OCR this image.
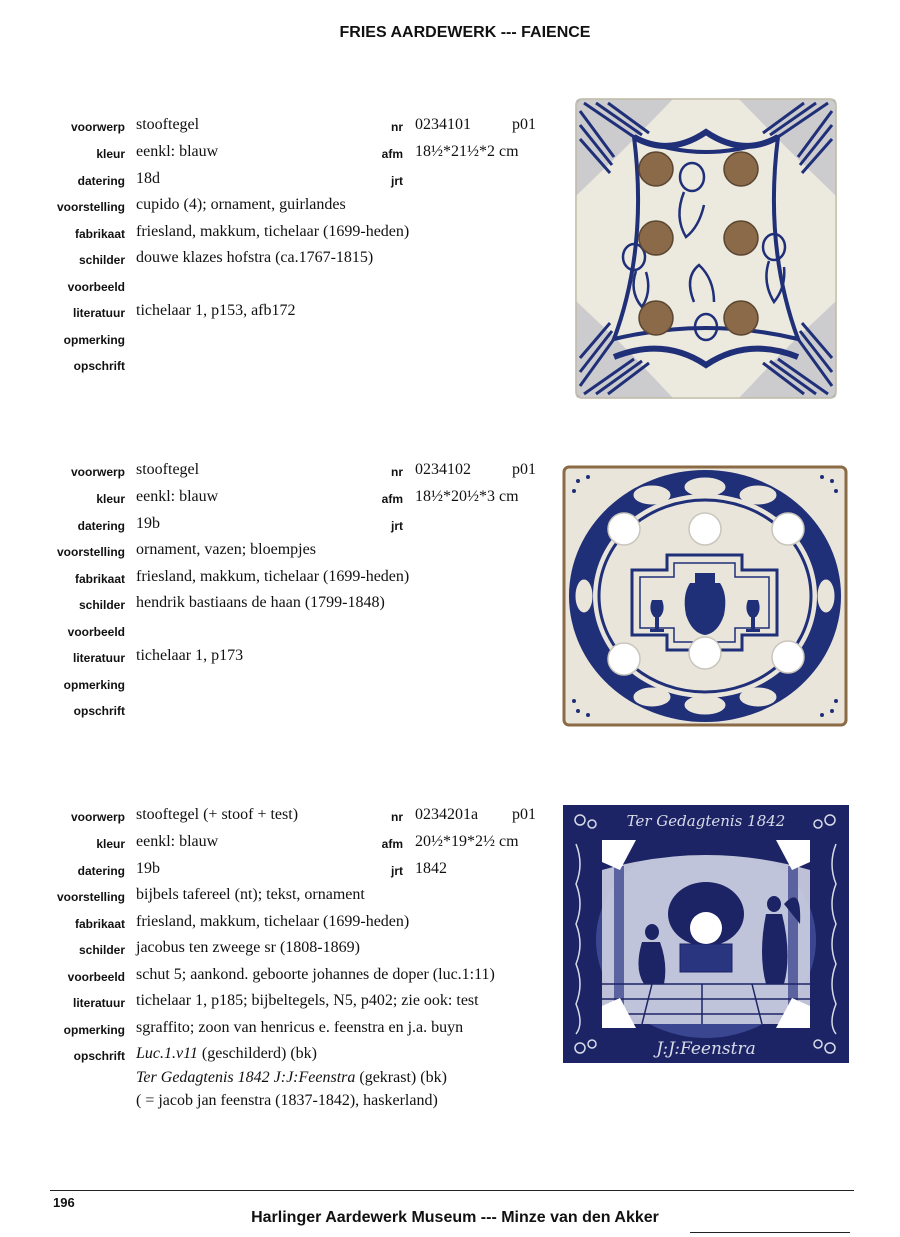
FRIES AARDEWERK --- FAIENCE
voorwerp stooftegel
kleur eenkl: blauw
datering 18d
voorstelling cupido (4); ornament, guirlandes
fabrikaat friesland, makkum, tichelaar (1699-heden)
schilder douwe klazes hofstra (ca.1767-1815)
voorbeeld
literatuur tichelaar 1, p153, afb172
opmerking
opschrift
nr 0234101	p01
afm 18½*21½*2 cm
jrt
voorwerp stooftegel
kleur eenkl: blauw
datering 19b
voorstelling ornament, vazen; bloempjes
fabrikaat friesland, makkum, tichelaar (1699-heden)
schilder hendrik bastiaans de haan (1799-1848)
voorbeeld
literatuur tichelaar 1, p173
opmerking
opschrift
nr 0234102	p01
afm 18½*20½*3 cm
jrt
voorwerp stooftegel (+ stoof + test)
kleur eenkl: blauw
datering 19b
voorstelling bijbels tafereel (nt); tekst, ornament
fabrikaat friesland, makkum, tichelaar (1699-heden)
schilder jacobus ten zweege sr (1808-1869)
voorbeeld schut 5; aankond. geboorte johannes de doper (luc.1:11)
literatuur tichelaar 1, p185; bijbeltegels, N5, p402; zie ook: test
opmerking sgraffito; zoon van henricus e. feenstra en j.a. buyn
opschrift Luc.1.v11 (geschilderd) (bk)
Ter Gedagtenis 1842 J:J:Feenstra (gekrast) (bk)
( = jacob jan feenstra (1837-1842), haskerland)
nr 0234201a p01
afm 20½*19*2½ cm
jrt 1842
Ter Gedagtenis 1842
J:J:Feenstra
196
Harlinger Aardewerk Museum --- Minze van den Akker
